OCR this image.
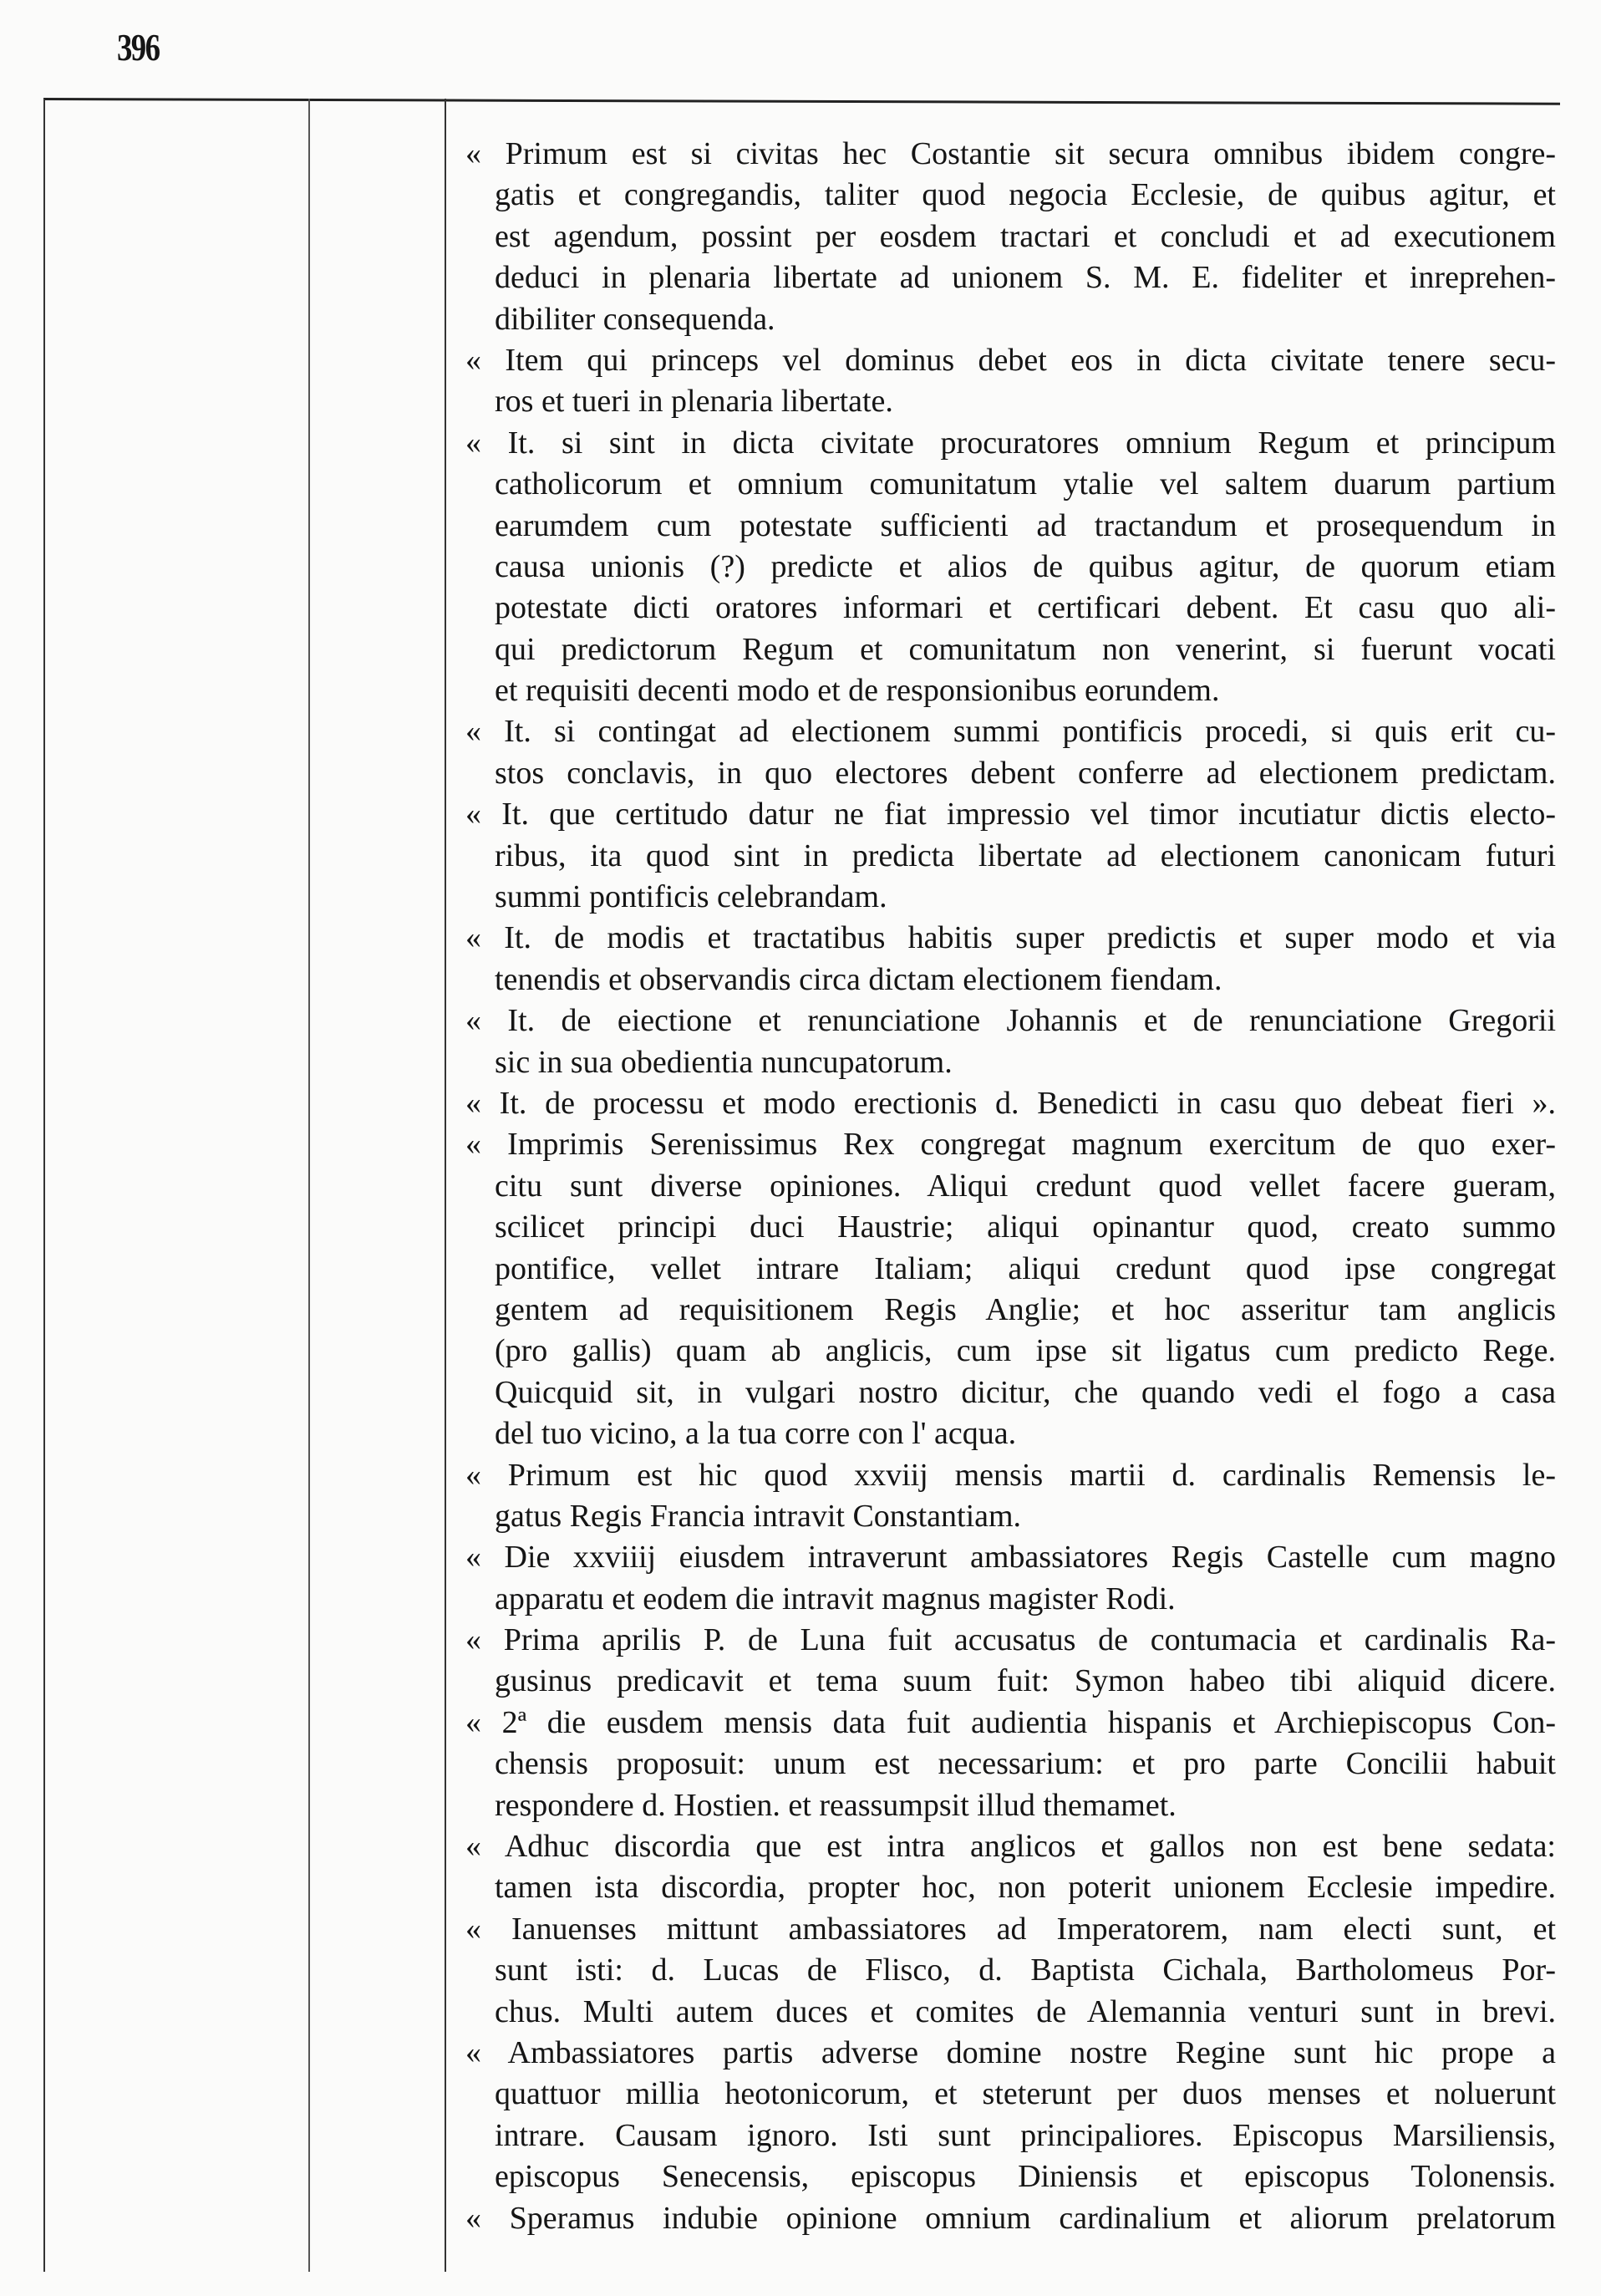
396
« Primum est si civitas hec Costantie sit secura omnibus ibidem congre-
gatis et congregandis, taliter quod negocia Ecclesie, de quibus agitur, et
est agendum, possint per eosdem tractari et concludi et ad executionem
deduci in plenaria libertate ad unionem S. M. E. fideliter et inreprehen-
dibiliter consequenda.
« Item qui princeps vel dominus debet eos in dicta civitate tenere secu-
ros et tueri in plenaria libertate.
« It. si sint in dicta civitate procuratores omnium Regum et principum
catholicorum et omnium comunitatum ytalie vel saltem duarum partium
earumdem cum potestate sufficienti ad tractandum et prosequendum in
causa unionis (?) predicte et alios de quibus agitur, de quorum etiam
potestate dicti oratores informari et certificari debent. Et casu quo ali-
qui predictorum Regum et comunitatum non venerint, si fuerunt vocati
et requisiti decenti modo et de responsionibus eorundem.
« It. si contingat ad electionem summi pontificis procedi, si quis erit cu-
stos conclavis, in quo electores debent conferre ad electionem predictam.
« It. que certitudo datur ne fiat impressio vel timor incutiatur dictis electo-
ribus, ita quod sint in predicta libertate ad electionem canonicam futuri
summi pontificis celebrandam.
« It. de modis et tractatibus habitis super predictis et super modo et via
tenendis et observandis circa dictam electionem fiendam.
« It. de eiectione et renunciatione Johannis et de renunciatione Gregorii
sic in sua obedientia nuncupatorum.
« It. de processu et modo erectionis d. Benedicti in casu quo debeat fieri ».
« Imprimis Serenissimus Rex congregat magnum exercitum de quo exer-
citu sunt diverse opiniones. Aliqui credunt quod vellet facere gueram,
scilicet principi duci Haustrie; aliqui opinantur quod, creato summo
pontifice, vellet intrare Italiam; aliqui credunt quod ipse congregat
gentem ad requisitionem Regis Anglie; et hoc asseritur tam anglicis
(pro gallis) quam ab anglicis, cum ipse sit ligatus cum predicto Rege.
Quicquid sit, in vulgari nostro dicitur, che quando vedi el fogo a casa
del tuo vicino, a la tua corre con l' acqua.
« Primum est hic quod xxviij mensis martii d. cardinalis Remensis le-
gatus Regis Francia intravit Constantiam.
« Die xxviiij eiusdem intraverunt ambassiatores Regis Castelle cum magno
apparatu et eodem die intravit magnus magister Rodi.
« Prima aprilis P. de Luna fuit accusatus de contumacia et cardinalis Ra-
gusinus predicavit et tema suum fuit: Symon habeo tibi aliquid dicere.
« 2ª die eusdem mensis data fuit audientia hispanis et Archiepiscopus Con-
chensis proposuit: unum est necessarium: et pro parte Concilii habuit
respondere d. Hostien. et reassumpsit illud themamet.
« Adhuc discordia que est intra anglicos et gallos non est bene sedata:
tamen ista discordia, propter hoc, non poterit unionem Ecclesie impedire.
« Ianuenses mittunt ambassiatores ad Imperatorem, nam electi sunt, et
sunt isti: d. Lucas de Flisco, d. Baptista Cichala, Bartholomeus Por-
chus. Multi autem duces et comites de Alemannia venturi sunt in brevi.
« Ambassiatores partis adverse domine nostre Regine sunt hic prope a
quattuor millia heotonicorum, et steterunt per duos menses et noluerunt
intrare. Causam ignoro. Isti sunt principaliores. Episcopus Marsiliensis,
episcopus Senecensis, episcopus Diniensis et episcopus Tolonensis.
« Speramus indubie opinione omnium cardinalium et aliorum prelatorum
